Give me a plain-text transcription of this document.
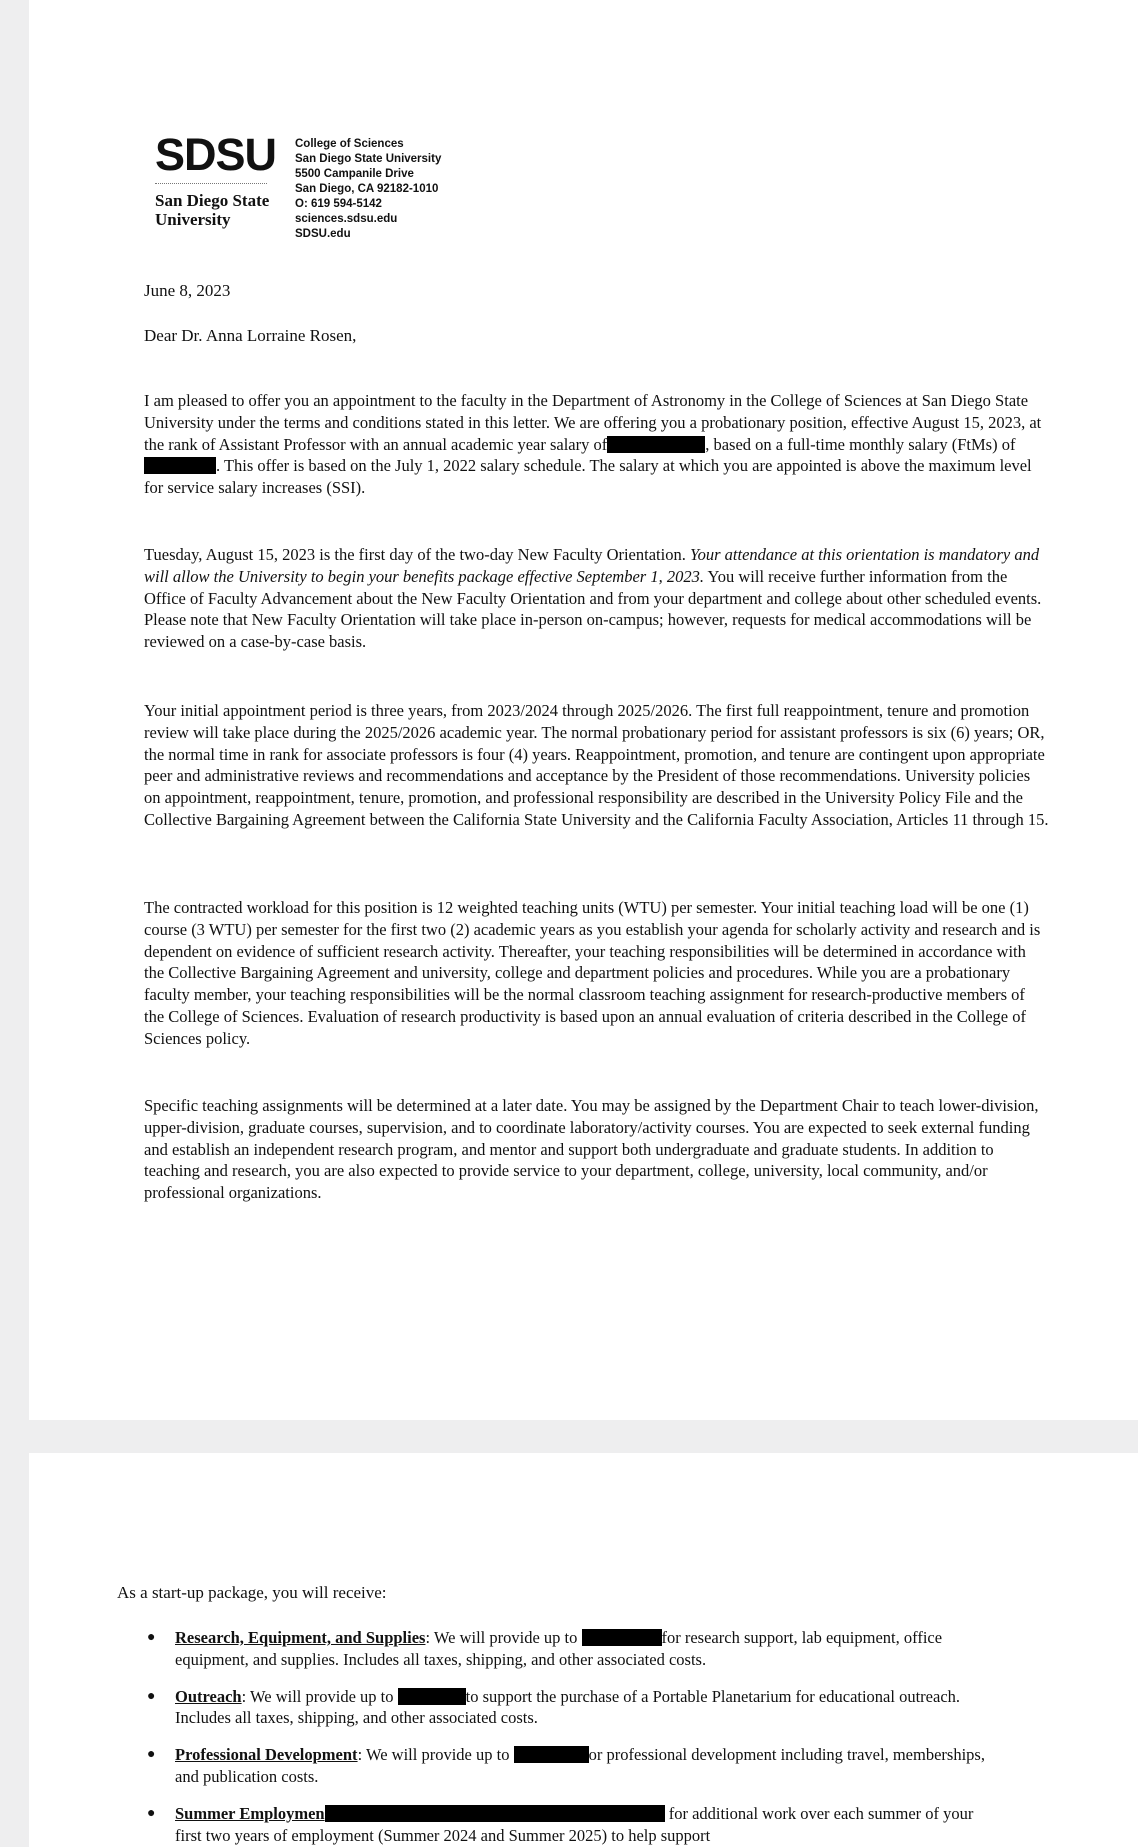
SDSU
San Diego State
University
College of Sciences
San Diego State University
5500 Campanile Drive
San Diego, CA 92182-1010
O: 619 594-5142
sciences.sdsu.edu
SDSU.edu
June 8, 2023
Dear Dr. Anna Lorraine Rosen,

I am pleased to offer you an appointment to the faculty in the Department of Astronomy in the College of Sciences at San Diego State University under the terms and conditions stated in this letter. We are offering you a probationary position, effective August 15, 2023, at the rank of Assistant Professor with an annual academic year salary of	, based on a full-time monthly salary (FtMs) of. This offer is based on the July 1, 2022 salary schedule. The salary at which you are appointed is above the maximum level for service salary increases (SSI).

Tuesday, August 15, 2023 is the first day of the two-day New Faculty Orientation. Your attendance at this orientation is mandatory and will allow the University to begin your benefits package effective September 1, 2023. You will receive further information from the Office of Faculty Advancement about the New Faculty Orientation and from your department and college about other scheduled events. Please note that New Faculty Orientation will take place in-person on-campus; however, requests for medical accommodations will be reviewed on a case-by-case basis.

Your initial appointment period is three years, from 2023/2024 through 2025/2026. The first full reappointment, tenure and promotion review will take place during the 2025/2026 academic year. The normal probationary period for assistant professors is six (6) years; OR, the normal time in rank for associate professors is four (4) years. Reappointment, promotion, and tenure are contingent upon appropriate peer and administrative reviews and recommendations and acceptance by the President of those recommendations. University policies on appointment, reappointment, tenure, promotion, and professional responsibility are described in the University Policy File and the Collective Bargaining Agreement between the California State University and the California Faculty Association, Articles 11 through 15.

The contracted workload for this position is 12 weighted teaching units (WTU) per semester. Your initial teaching load will be one (1) course (3 WTU) per semester for the first two (2) academic years as you establish your agenda for scholarly activity and research and is dependent on evidence of sufficient research activity. Thereafter, your teaching responsibilities will be determined in accordance with the Collective Bargaining Agreement and university, college and department policies and procedures. While you are a probationary faculty member, your teaching responsibilities will be the normal classroom teaching assignment for research-productive members of the College of Sciences. Evaluation of research productivity is based upon an annual evaluation of criteria described in the College of Sciences policy.

Specific teaching assignments will be determined at a later date. You may be assigned by the Department Chair to teach lower-division, upper-division, graduate courses, supervision, and to coordinate laboratory/activity courses. You are expected to seek external funding and establish an independent research program, and mentor and support both undergraduate and graduate students. In addition to teaching and research, you are also expected to provide service to your department, college, university, local community, and/or professional organizations.

As a start-up package, you will receive:
● Research, Equipment, and Supplies: We will provide up to	for research support, lab equipment, office equipment, and supplies. Includes all taxes, shipping, and other associated costs.
● Outreach: We will provide up to	to support the purchase of a Portable Planetarium for educational outreach. Includes all taxes, shipping, and other associated costs.
● Professional Development: We will provide up to	or professional development including travel, memberships, and publication costs.
● Summer Employmen	for additional work over each summer of your first two years of employment (Summer 2024 and Summer 2025) to help support
